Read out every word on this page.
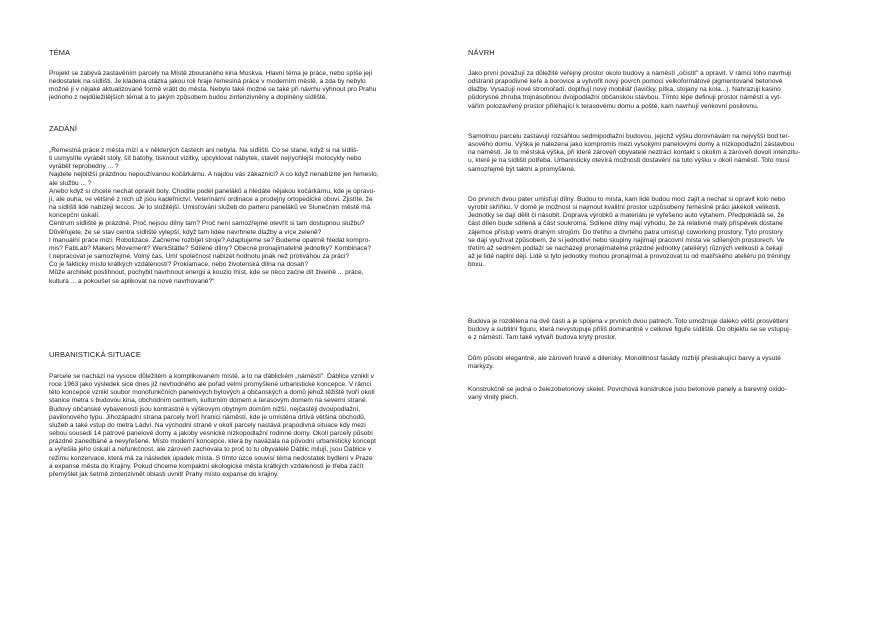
TÉMA

Projekt se zabývá zastavěním parcely na Místě zbouraného kina Moskva. Hlavní téma je práce, nebo spíše její
nedostatek na sídlišti. Je kladena otázka jakou roli hraje řemeslná práce v moderním městě, a zda by nebylo
možné jí v nějaké aktualizované formě vrátit do města. Nebylo také možné se také při návrhu vyhnout pro Prahu
jednoho z nejdůležitějších témat a to jakým způsobem budou zintenzivněny a doplněny sídliště.

ZADÁNÍ

„Řemeslná práce z města mizí a v některých částech ani nebyla. Na sídlišti. Co se stane, když si na sídliš-
ti usmyslíte vyrábět stoly, šít batohy, tisknout vizitky, upcyklovat nábytek, stavět nejrychlejší motocykly nebo
vyrábět reprobedny ... ?
Najdete nejbližší prázdnou nepoužívanou kočárkárnu. A najdou vás zákazníci? A co když nenabízíte jen řemeslo,
ale službu ... ?
Anebo když si chcete nechat opravit boty. Chodíte podél paneláků a hledáte nějakou kočárkárnu, kde je opravu-
jí, ale ouha, ve většině z nich už jsou kadeřnictví. Veterinární ordinace a prodejny ortopedické obuvi. Zjistíte, že
na sídlišti lidé nabízejí leccos. Je to složitější. Umisťování služeb do parteru paneláků ve Slunečním městě má
koncepční úskalí.
Centrum sídliště je prázdné. Proč nejsou dílny tam? Proč není samozřejmé otevřít si tam dostupnou službu?
Důvěřujete, že se stav centra sídliště vylepší, když tam lidée navrhnete dlažby a více zeleně?
I manuální práce mizí. Robotizace. Začneme rozbíjet stroje? Adaptujeme se? Budeme opatrně hledat kompro-
mis? FabLab? Makers Movement? WerkStätte? Sdílené dílny? Obecné pronajímatelné jednotky? Kombinace?
I nepracovat je samozřejmé. Volný čas. Umí společnost nabízet hodnotu jinak než protiváhou za práci?
Co je fakticky místo krátkých vzdáleností? Proklamace, nebo životenská dílna na dosah?
Může architekt postihnout, pochybit navrhnout energii a kouzlo míst, kde se něco začne dít živelně ... práce,
kultura ... a pokoušet se aplikovat na nové navrhované?"

URBANISTICKÁ SITUACE

Parcele se nachází na vysoce důležitém a komplikovaném místě, a to na ďáblickém „náměstí". Ďáblice vznikli v
roce 1963 jako výsledek sice dnes již nevhodného ale pořad velmi promyšlené urbanistické koncepce. V rámci
této koncepce vznikl soubor monofunkčních panelových bytových a občanských a domů jehož těžiště tvoří okolí
stanice metra s budovou kina, obchodním centrem, kulturním domem a terasovým domem na severní straně.
Budovy občanské vybavenosti jsou kontrastně k výškovým obytným domům nižší, nejčastěji dvoupodlažní,
pavilonového typu. Jihozápadní strana parcely tvoří hranici náměstí, kde je umístěna drtivá většina obchodů,
služeb a také vstup do metra Ládví. Na východní straně v okolí parcely nastává prapodivná situace kdy mezi
sebou sousedí 14 patrové panelové domy a jakoby vesnické nízkopodlažní rodinné domy. Okolí parcely působí
prázdné zanedbané a nevyřešené. Místo moderní koncepce, která by navázala na původní urbanistický koncept
a vyřešila jeho úskalí a nefunkčnost, ale zároveň zachovala to proč to tu obyvatelé Ďáblic milují, jsou Ďáblice v
režimu konzervace, která má za následek úpadek místa. S tímto úzce souvisí téma nedostatek bydlení v Praze
a expanse města do Krajiny. Pokud chceme kompaktní ekologické města krátkých vzdáleností je třeba začít
přemýšlet jak šetrně zintenzivnět oblasti uvnitř Prahy místo expanse do krajiny.

NÁVRH

Jako první považují za důležité veřejný prostor okolo budovy a náměstí „očistit" a opravit. V rámci toho navrhuji
odstranit prapodivné keře a borovice a vytvořit nový povrch pomocí velkoformátové pigmentované betonové
dlažby. Vysazují nové stromořadí, doplňují nový mobiliář (lavičky, pítka, stojany na kola...). Nahrazuji kasino
půdorysné zhruba trojnásobnou dvojpodlažní občanskou stavbou. Tímto lépe definuji prostor náměstí a vyt-
vářím polozavřený prostor přiléhající k terasovému domu a poště, kam navrhují venkovní posilovnu.

Samotnou parcelu zastavují rozsáhlou sedmipodlažní budovou, jejíchž výšku dorovnávám na nejvyšší bod ter-
asového domu. Výška je nalezena jako kompromis mezi vysokými panelovými domy a nízkopodlažní zástavbou
na náměstí. Je to městská výška, při které zároveň obyvatelé neztrácí kontakt s okolím a zároveň dovolí intenzitu-
u, které je na sídlišti potřeba. Urbanisticky otevírá možnosti dostavění na tuto výšku v okolí náměstí. Toto musí
samozřejmě být taktní a promyšlené.

Do prvních dvou pater umisťují dílny. Budou to místa, kam lidé budou moci zajít a nechat si opravit kolo nebo
vyrobit skříňku. V domě je možnost si najmout kvalitní prostor uzpůsobený řemeslné práci jakékoli velikosti.
Jednotky se dají dělit či násobit. Doprava výrobků a materiálu je vyřešeno auto výtahem. Předpokládá se, že
část dílen bude sdílená a část soukromá. Sdílené dílny mají výhodu, že za relativně malý příspěvek dostane
zájemce přístup velmi drahým strojům. Do třetího a čtvrtého patra umisťují coworking prostory. Tyto prostory
se dají využívat způsobem, že si jednotliví nebo skupiny najímají pracovní místa ve sdílených prostorech. Ve
třetím až sedmém podlaží se nacházejí pronajímatelné prázdné jednotky (ateliéry) různých velikostí a čekají
až je lidé naplní ději. Lidé si tyto jednotky mohou pronajímat a provozovat tu od malířského ateliéru po tréningy
boxu..

Budova je rozdělena na dvě části a je spojena v prvních dvou patrech. Toto umožnuje daleko větší prosvětlení
budovy a subtilní figuru, která nevystupuje příliš dominantně v celkové figuře sídliště. Do objektu se se vstupuj-
e z náměstí. Tam také vytváří budova krytý prostor.

Dům působí elegantně, ale zároveň hravě a dilensky. Monolitnost fasády rozbíjí přeskakující barvy a vysuté
markýzy.

Konstrukčně se jedná o železobetonový skelet. Povrchová konstrukce jsou betonové panely a barevný oxido-
vaný vlnitý plech.
